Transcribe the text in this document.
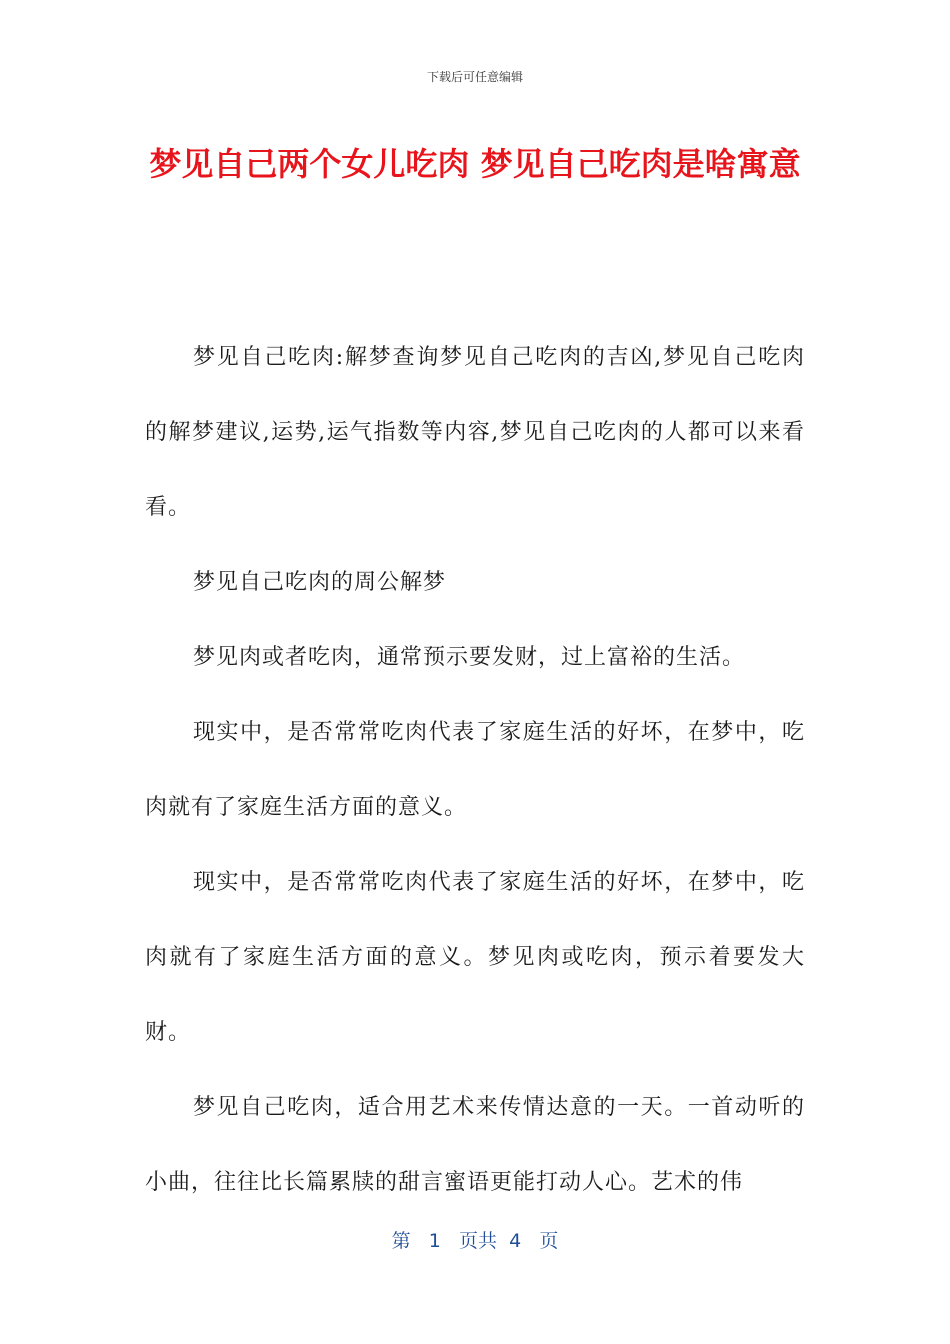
下载后可任意编辑
梦见自己两个女儿吃肉 梦见自己吃肉是啥寓意

梦见自己吃肉:解梦查询梦见自己吃肉的吉凶,梦见自己吃肉的解梦建议,运势,运气指数等内容,梦见自己吃肉的人都可以来看看。

梦见自己吃肉的周公解梦

梦见肉或者吃肉，通常预示要发财，过上富裕的生活。

现实中，是否常常吃肉代表了家庭生活的好坏，在梦中，吃肉就有了家庭生活方面的意义。

现实中，是否常常吃肉代表了家庭生活的好坏，在梦中，吃肉就有了家庭生活方面的意义。梦见肉或吃肉，预示着要发大财。

梦见自己吃肉，适合用艺术来传情达意的一天。一首动听的小曲，往往比长篇累牍的甜言蜜语更能打动人心。艺术的伟

第 1 页共 4 页
